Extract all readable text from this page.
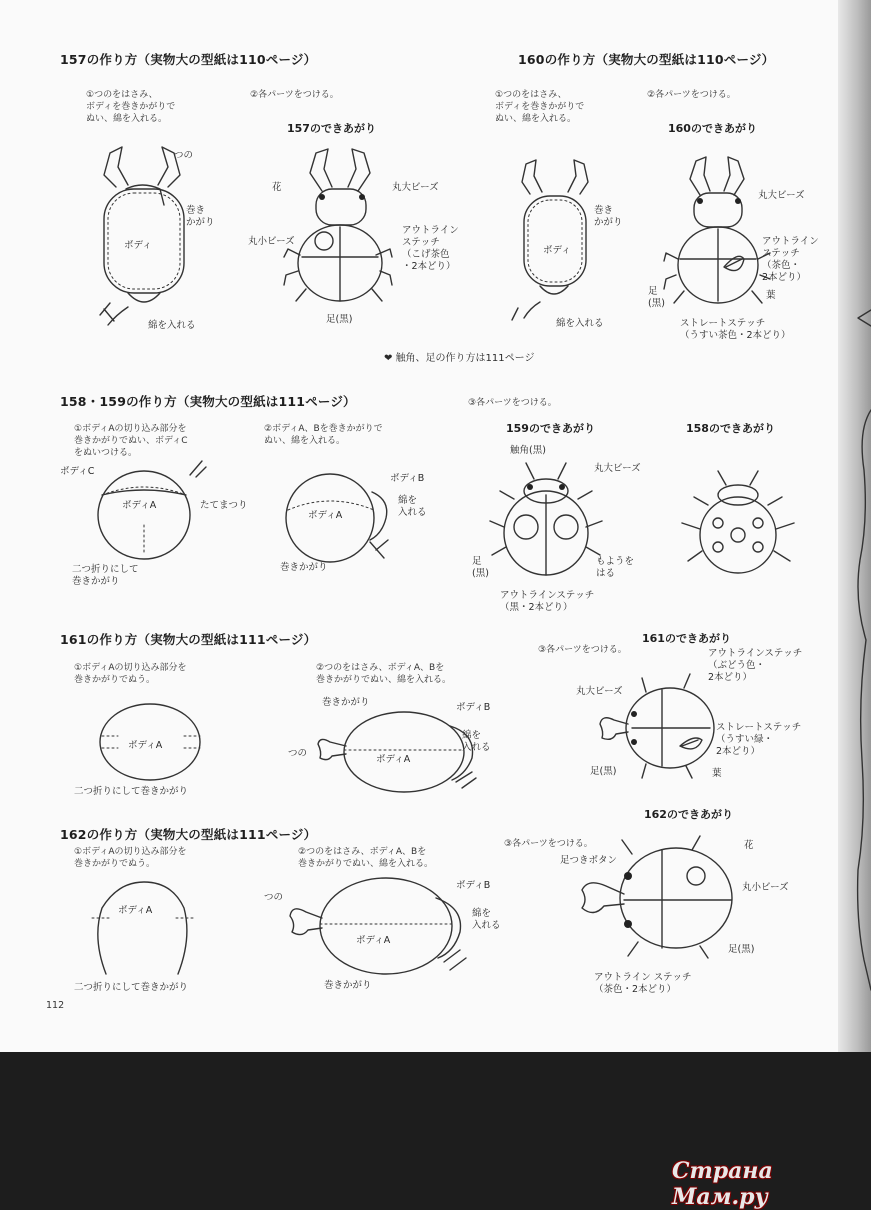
157の作り方（実物大の型紙は110ページ）
①つのをはさみ、
ボディを巻きかがりで
ぬい、綿を入れる。
②各パーツをつける。
157のできあがり
つの
巻き
かがり
ボディ
綿を入れる
花	丸大ビーズ
丸小ビーズ
アウトライン
ステッチ
（こげ茶色
・2本どり）
足(黒)
160の作り方（実物大の型紙は110ページ）
①つのをはさみ、
ボディを巻きかがりで
ぬい、綿を入れる。
②各パーツをつける。
160のできあがり
巻き
かがり
ボディ
綿を入れる
丸大ビーズ
アウトライン
ステッチ
（茶色・
2本どり）
足
(黒)
葉
ストレートステッチ
（うすい茶色・2本どり）
❤ 触角、足の作り方は111ページ
158・159の作り方（実物大の型紙は111ページ）
①ボディAの切り込み部分を
巻きかがりでぬい、ボディC
をぬいつける。
②ボディA、Bを巻きかがりで
ぬい、綿を入れる。
③各パーツをつける。
159のできあがり	158のできあがり
ボディC
ボディA	たてまつり
二つ折りにして
巻きかがり
ボディB
ボディA
綿を
入れる
巻きかがり
触角(黒)
丸大ビーズ
足
(黒)
もようを
はる
アウトラインステッチ
（黒・2本どり）
161の作り方（実物大の型紙は111ページ）
①ボディAの切り込み部分を
巻きかがりでぬう。
②つのをはさみ、ボディA、Bを
巻きかがりでぬい、綿を入れる。
③各パーツをつける。
161のできあがり
ボディA
二つ折りにして巻きかがり
巻きかがり
つの
ボディB
綿を
入れる
ボディA
アウトラインステッチ
（ぶどう色・
2本どり）
丸大ビーズ
ストレートステッチ
（うすい緑・
2本どり）
足(黒)	葉
162の作り方（実物大の型紙は111ページ）
①ボディAの切り込み部分を
巻きかがりでぬう。
②つのをはさみ、ボディA、Bを
巻きかがりでぬい、綿を入れる。
③各パーツをつける。
162のできあがり
ボディA
二つ折りにして巻きかがり
つの
ボディB
綿を
入れる
ボディA
巻きかがり
足つきボタン
花
丸小ビーズ
足(黒)
アウトライン ステッチ
（茶色・2本どり）
112
Страна Мам.ру
